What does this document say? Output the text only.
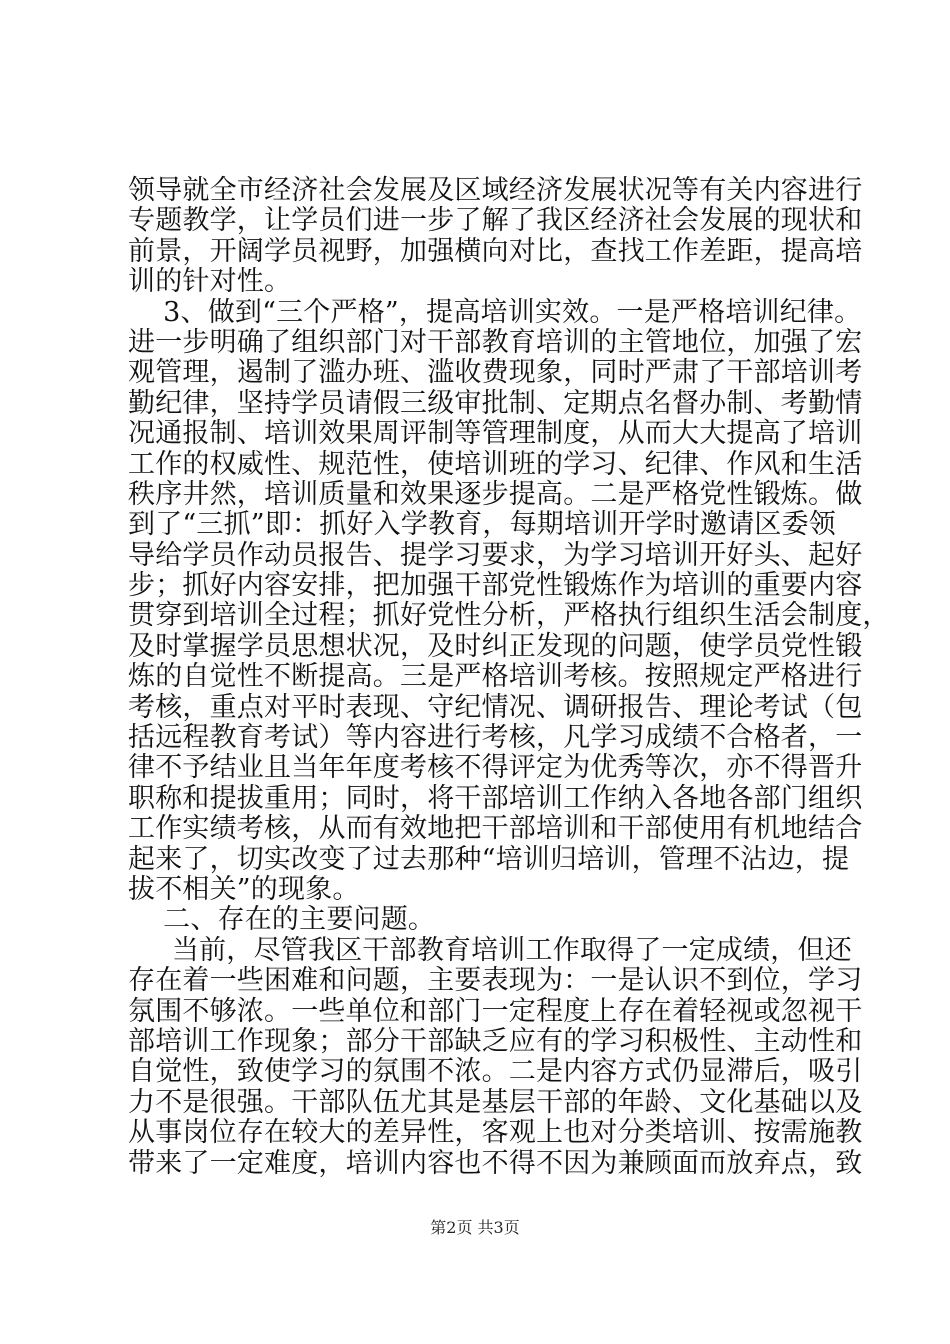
领导就全市经济社会发展及区域经济发展状况等有关内容进行
专题教学，让学员们进一步了解了我区经济社会发展的现状和
前景，开阔学员视野，加强横向对比，查找工作差距，提高培
训的针对性。
3、做到“三个严格”，提高培训实效。一是严格培训纪律。
进一步明确了组织部门对干部教育培训的主管地位，加强了宏
观管理，遏制了滥办班、滥收费现象，同时严肃了干部培训考
勤纪律，坚持学员请假三级审批制、定期点名督办制、考勤情
况通报制、培训效果周评制等管理制度，从而大大提高了培训
工作的权威性、规范性，使培训班的学习、纪律、作风和生活
秩序井然，培训质量和效果逐步提高。二是严格党性锻炼。做
到了“三抓”即：抓好入学教育，每期培训开学时邀请区委领
导给学员作动员报告、提学习要求，为学习培训开好头、起好
步；抓好内容安排，把加强干部党性锻炼作为培训的重要内容
贯穿到培训全过程；抓好党性分析，严格执行组织生活会制度，
及时掌握学员思想状况，及时纠正发现的问题，使学员党性锻
炼的自觉性不断提高。三是严格培训考核。按照规定严格进行
考核，重点对平时表现、守纪情况、调研报告、理论考试（包
括远程教育考试）等内容进行考核，凡学习成绩不合格者，一
律不予结业且当年年度考核不得评定为优秀等次，亦不得晋升
职称和提拔重用；同时，将干部培训工作纳入各地各部门组织
工作实绩考核，从而有效地把干部培训和干部使用有机地结合
起来了，切实改变了过去那种“培训归培训，管理不沾边，提
拔不相关”的现象。
二、存在的主要问题。
当前，尽管我区干部教育培训工作取得了一定成绩，但还
存在着一些困难和问题，主要表现为：一是认识不到位，学习
氛围不够浓。一些单位和部门一定程度上存在着轻视或忽视干
部培训工作现象；部分干部缺乏应有的学习积极性、主动性和
自觉性，致使学习的氛围不浓。二是内容方式仍显滞后，吸引
力不是很强。干部队伍尤其是基层干部的年龄、文化基础以及
从事岗位存在较大的差异性，客观上也对分类培训、按需施教
带来了一定难度，培训内容也不得不因为兼顾面而放弃点，致
第2页 共3页
